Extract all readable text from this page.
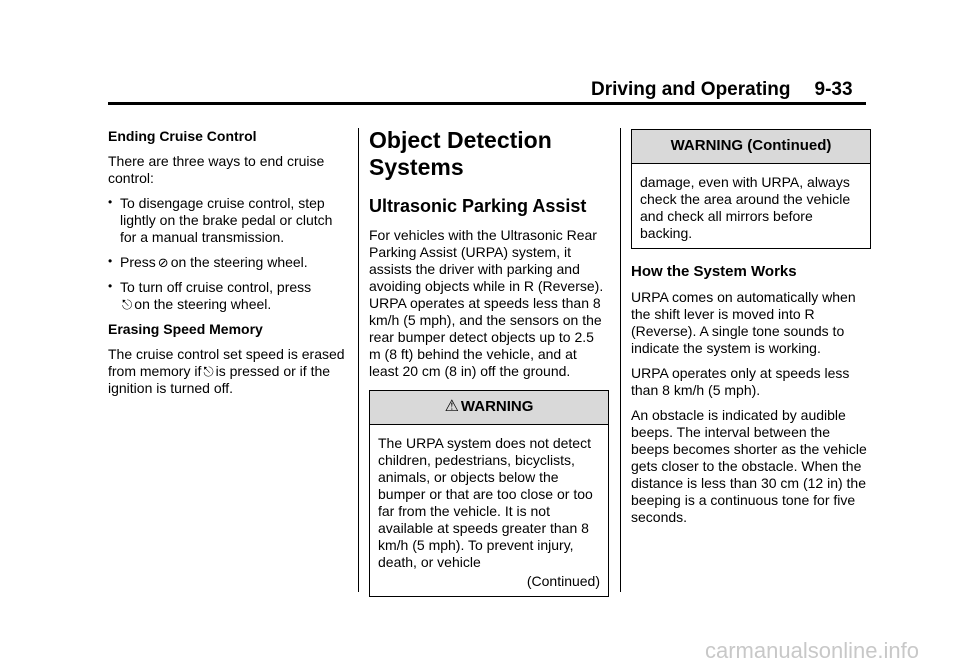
Driving and Operating 9-33

Ending Cruise Control

There are three ways to end cruise control:

• To disengage cruise control, step lightly on the brake pedal or clutch for a manual transmission.
• Press ⊘ on the steering wheel.
• To turn off cruise control, press
⎋ on the steering wheel.

Erasing Speed Memory

The cruise control set speed is erased from memory if ⎋ is pressed or if the ignition is turned off.

Object Detection Systems
Ultrasonic Parking Assist

For vehicles with the Ultrasonic Rear Parking Assist (URPA) system, it assists the driver with parking and avoiding objects while in R (Reverse). URPA operates at speeds less than 8 km/h (5 mph), and the sensors on the rear bumper detect objects up to 2.5 m (8 ft) behind the vehicle, and at least 20 cm (8 in) off the ground.

⚠ WARNING

The URPA system does not detect children, pedestrians, bicyclists, animals, or objects below the bumper or that are too close or too far from the vehicle. It is not available at speeds greater than 8 km/h (5 mph). To prevent injury, death, or vehicle

(Continued)
WARNING (Continued)

damage, even with URPA, always check the area around the vehicle and check all mirrors before backing.

How the System Works

URPA comes on automatically when the shift lever is moved into R (Reverse). A single tone sounds to indicate the system is working.

URPA operates only at speeds less than 8 km/h (5 mph).

An obstacle is indicated by audible beeps. The interval between the beeps becomes shorter as the vehicle gets closer to the obstacle. When the distance is less than 30 cm (12 in) the beeping is a continuous tone for five seconds.

carmanualsonline.info
